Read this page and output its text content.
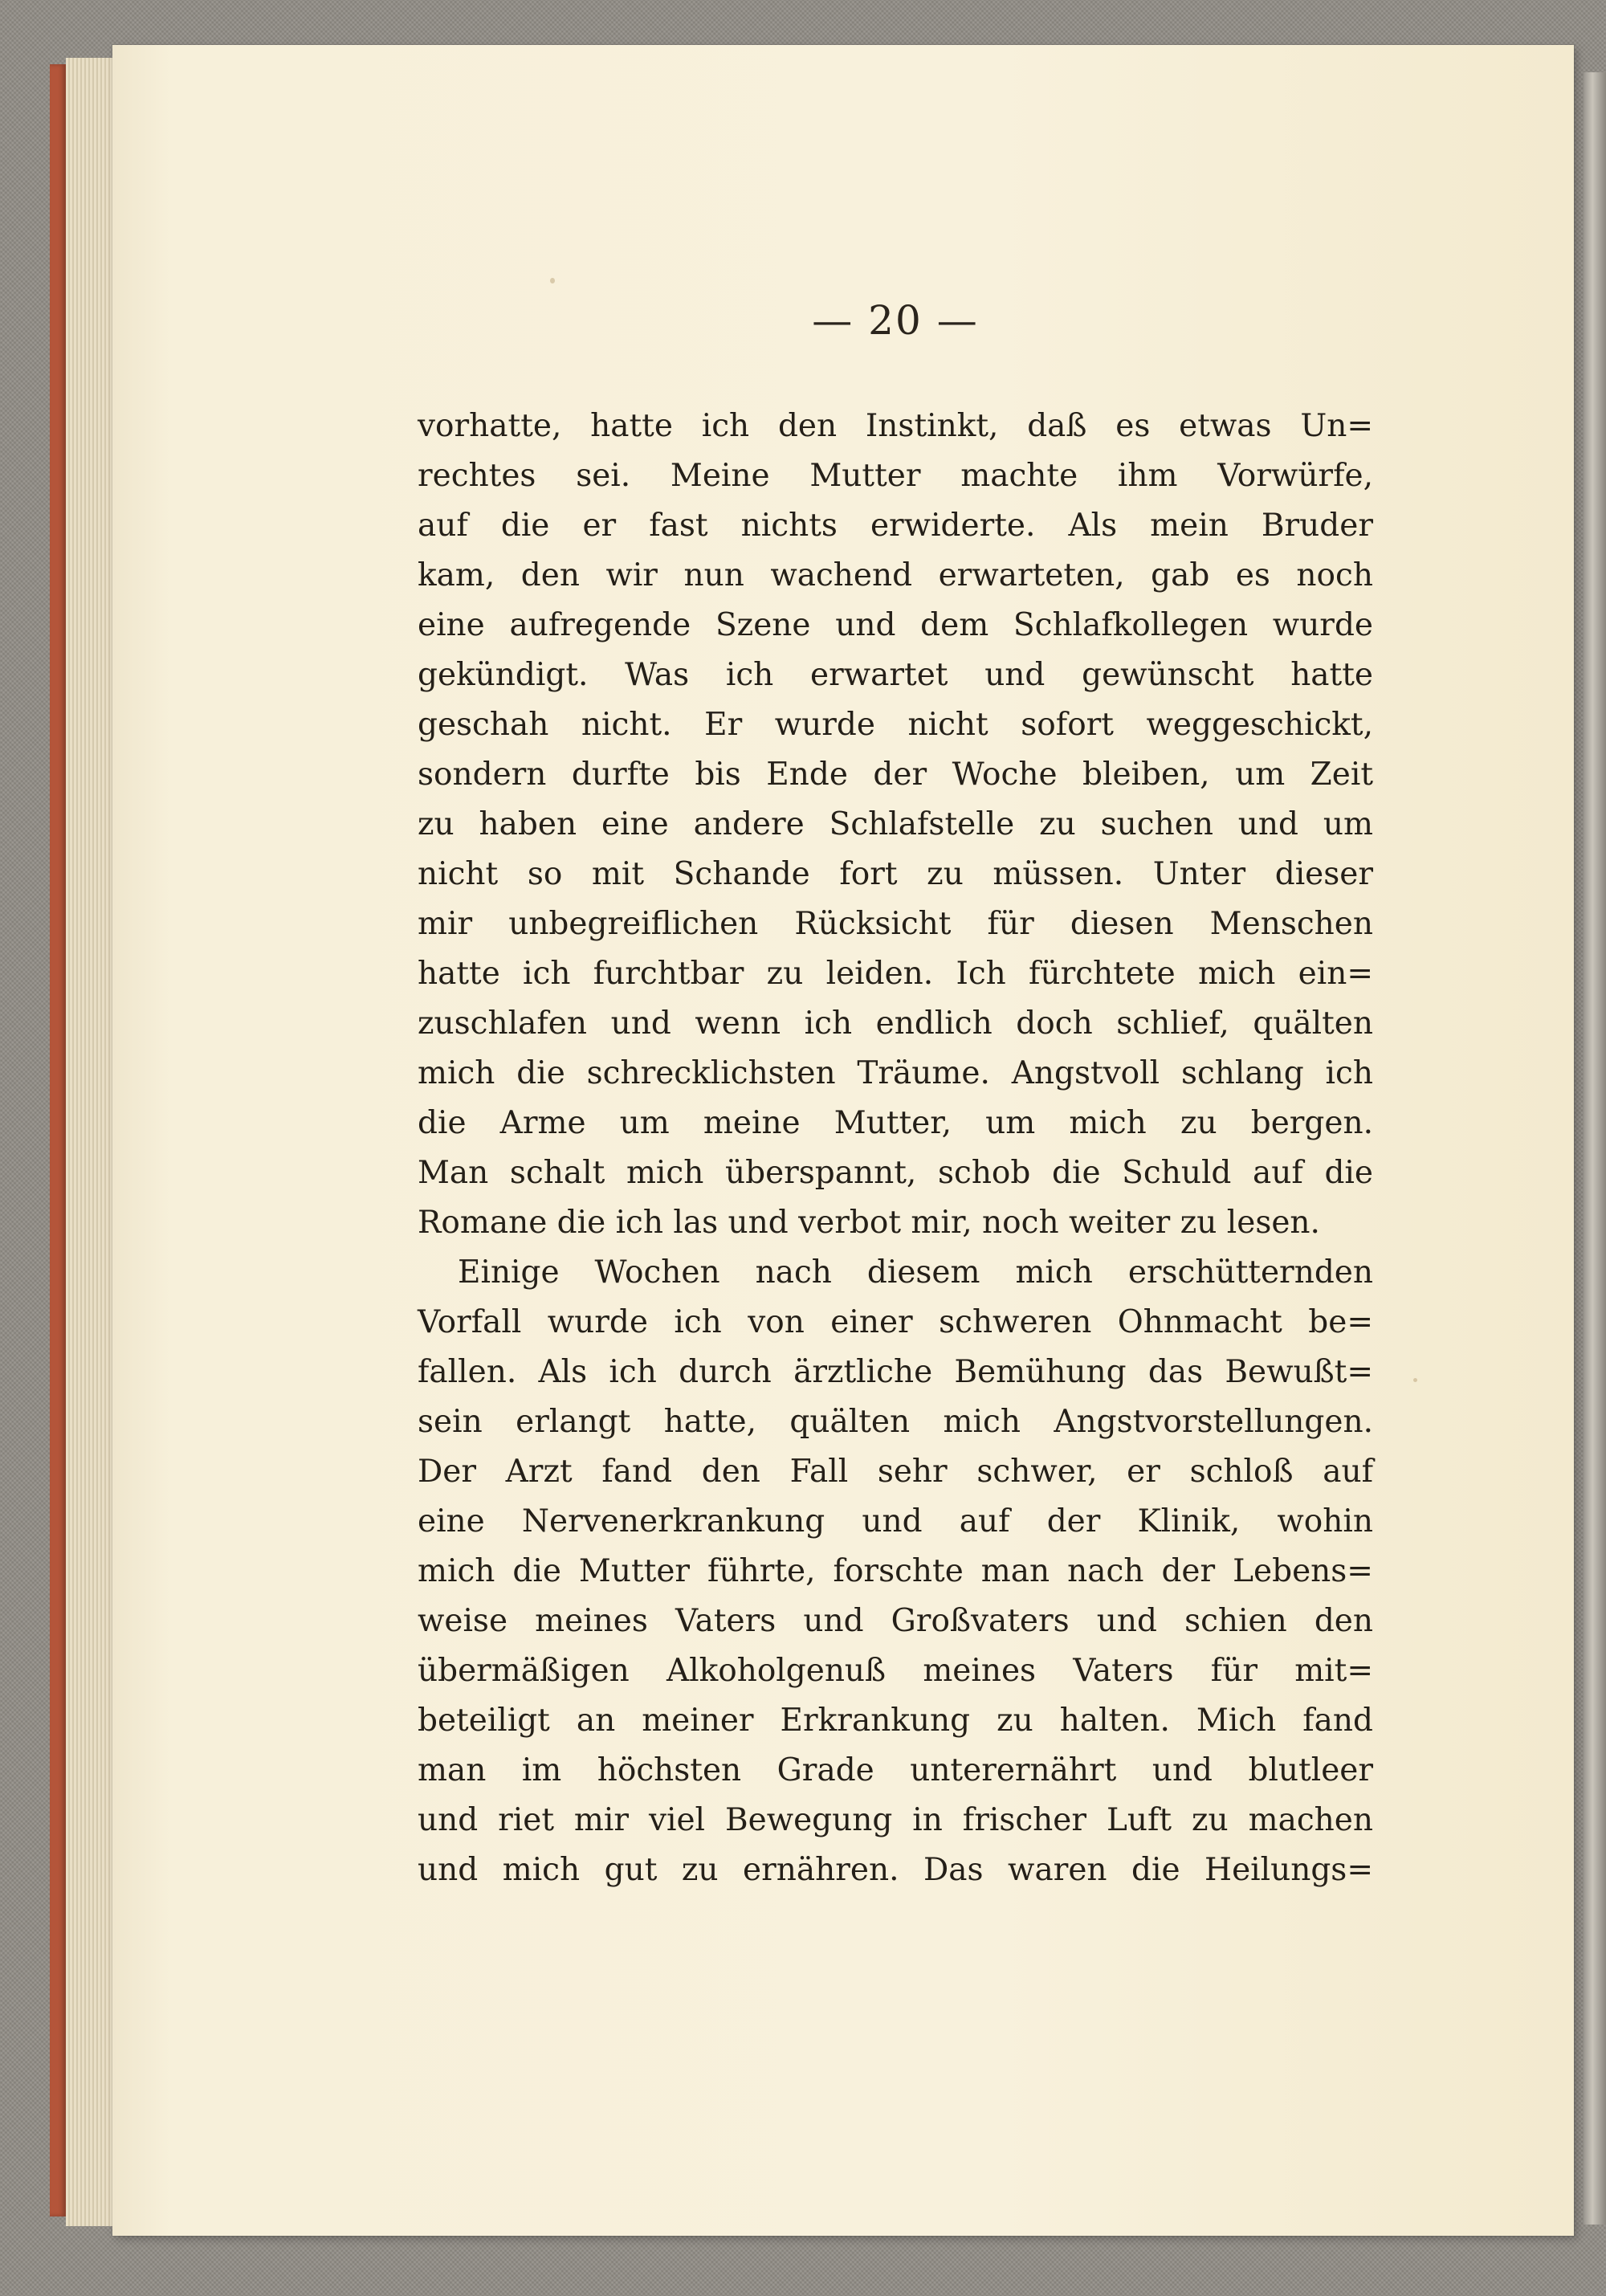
— 20 —
vorhatte, hatte ich den Instinkt, daß es etwas Un=
rechtes sei. Meine Mutter machte ihm Vorwürfe,
auf die er fast nichts erwiderte. Als mein Bruder
kam, den wir nun wachend erwarteten, gab es noch
eine aufregende Szene und dem Schlafkollegen wurde
gekündigt. Was ich erwartet und gewünscht hatte
geschah nicht. Er wurde nicht sofort weggeschickt,
sondern durfte bis Ende der Woche bleiben, um Zeit
zu haben eine andere Schlafstelle zu suchen und um
nicht so mit Schande fort zu müssen. Unter dieser
mir unbegreiflichen Rücksicht für diesen Menschen
hatte ich furchtbar zu leiden. Ich fürchtete mich ein=
zuschlafen und wenn ich endlich doch schlief, quälten
mich die schrecklichsten Träume. Angstvoll schlang ich
die Arme um meine Mutter, um mich zu bergen.
Man schalt mich überspannt, schob die Schuld auf die
Romane die ich las und verbot mir, noch weiter zu lesen.
Einige Wochen nach diesem mich erschütternden
Vorfall wurde ich von einer schweren Ohnmacht be=
fallen. Als ich durch ärztliche Bemühung das Bewußt=
sein erlangt hatte, quälten mich Angstvorstellungen.
Der Arzt fand den Fall sehr schwer, er schloß auf
eine Nervenerkrankung und auf der Klinik, wohin
mich die Mutter führte, forschte man nach der Lebens=
weise meines Vaters und Großvaters und schien den
übermäßigen Alkoholgenuß meines Vaters für mit=
beteiligt an meiner Erkrankung zu halten. Mich fand
man im höchsten Grade unterernährt und blutleer
und riet mir viel Bewegung in frischer Luft zu machen
und mich gut zu ernähren. Das waren die Heilungs=
